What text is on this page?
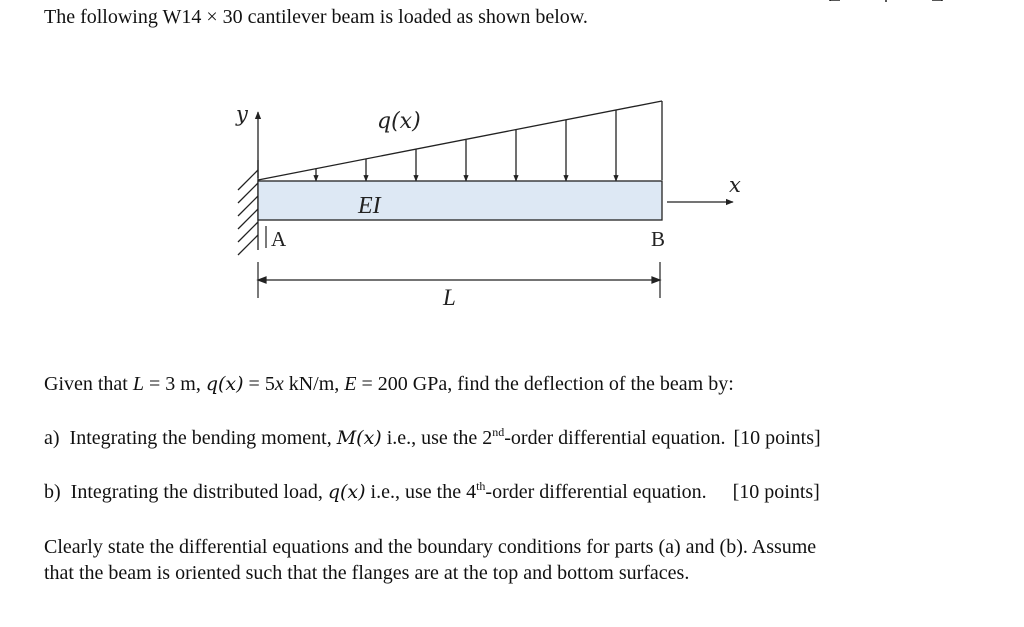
The following W14 × 30 cantilever beam is loaded as shown below.
y
EI
q(x)
A	B
x
L
Given that L = 3 m, q(x) = 5x kN/m, E = 200 GPa, find the deflection of the beam by:
a) Integrating the bending moment, M(x) i.e., use the 2nd-order differential equation. [10 points]
b) Integrating the distributed load, q(x) i.e., use the 4th-order differential equation. [10 points]
Clearly state the differential equations and the boundary conditions for parts (a) and (b). Assume
that the beam is oriented such that the flanges are at the top and bottom surfaces.
